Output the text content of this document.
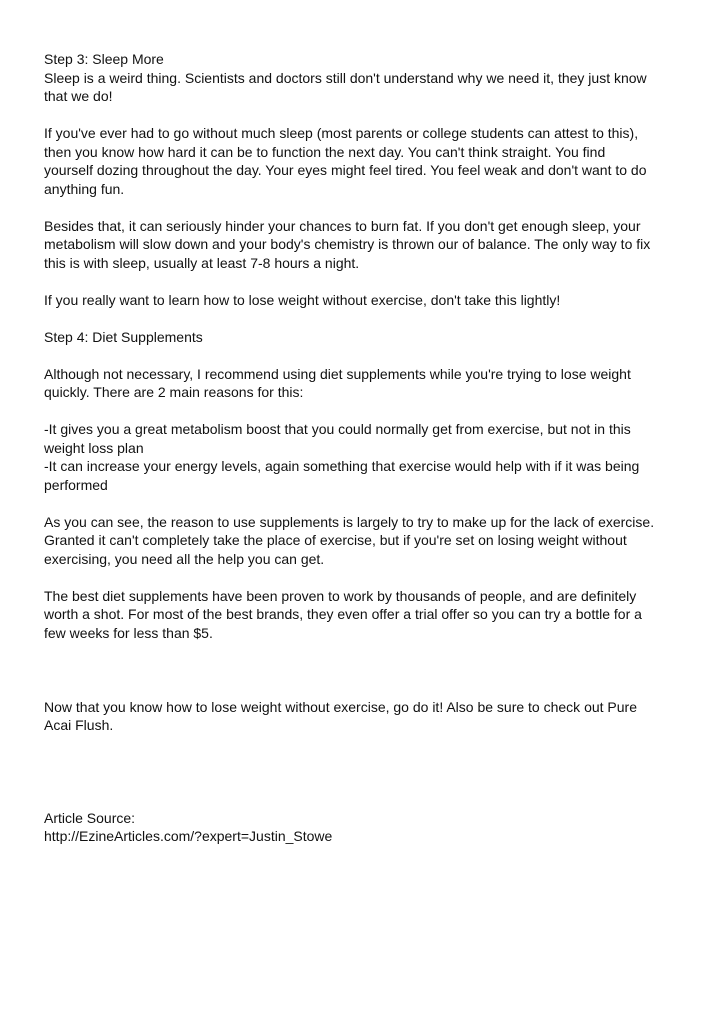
Step 3: Sleep More
Sleep is a weird thing. Scientists and doctors still don't understand why we need it, they just know
that we do!
If you've ever had to go without much sleep (most parents or college students can attest to this),
then you know how hard it can be to function the next day. You can't think straight. You find
yourself dozing throughout the day. Your eyes might feel tired. You feel weak and don't want to do
anything fun.
Besides that, it can seriously hinder your chances to burn fat. If you don't get enough sleep, your
metabolism will slow down and your body's chemistry is thrown our of balance. The only way to fix
this is with sleep, usually at least 7-8 hours a night.
If you really want to learn how to lose weight without exercise, don't take this lightly!
Step 4: Diet Supplements
Although not necessary, I recommend using diet supplements while you're trying to lose weight
quickly. There are 2 main reasons for this:
-It gives you a great metabolism boost that you could normally get from exercise, but not in this
weight loss plan
-It can increase your energy levels, again something that exercise would help with if it was being
performed
As you can see, the reason to use supplements is largely to try to make up for the lack of exercise.
Granted it can't completely take the place of exercise, but if you're set on losing weight without
exercising, you need all the help you can get.
The best diet supplements have been proven to work by thousands of people, and are definitely
worth a shot. For most of the best brands, they even offer a trial offer so you can try a bottle for a
few weeks for less than $5.
Now that you know how to lose weight without exercise, go do it! Also be sure to check out Pure
Acai Flush.
Article Source:
http://EzineArticles.com/?expert=Justin_Stowe
